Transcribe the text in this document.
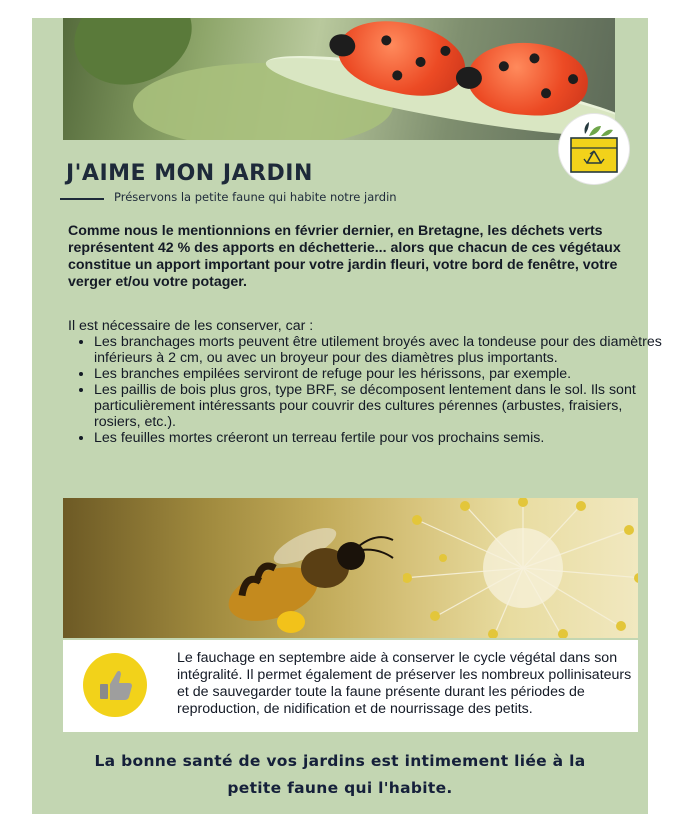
J'AIME MON JARDIN
Préservons la petite faune qui habite notre jardin

Comme nous le mentionnions en février dernier, en Bretagne, les déchets verts représentent 42 % des apports en déchetterie... alors que chacun de ces végétaux constitue un apport important pour votre jardin fleuri, votre bord de fenêtre, votre verger et/ou votre potager.

Il est nécessaire de les conserver, car :

• Les branchages morts peuvent être utilement broyés avec la tondeuse pour des diamètres inférieurs à 2 cm, ou avec un broyeur pour des diamètres plus importants.
• Les branches empilées serviront de refuge pour les hérissons, par exemple.
• Les paillis de bois plus gros, type BRF, se décomposent lentement dans le sol. Ils sont particulièrement intéressants pour couvrir des cultures pérennes (arbustes, fraisiers, rosiers, etc.).
• Les feuilles mortes créeront un terreau fertile pour vos prochains semis.

Le fauchage en septembre aide à conserver le cycle végétal dans son intégralité. Il permet également de préserver les nombreux pollinisateurs et de sauvegarder toute la faune présente durant les périodes de reproduction, de nidification et de nourrissage des petits.

La bonne santé de vos jardins est intimement liée à la petite faune qui l'habite.
